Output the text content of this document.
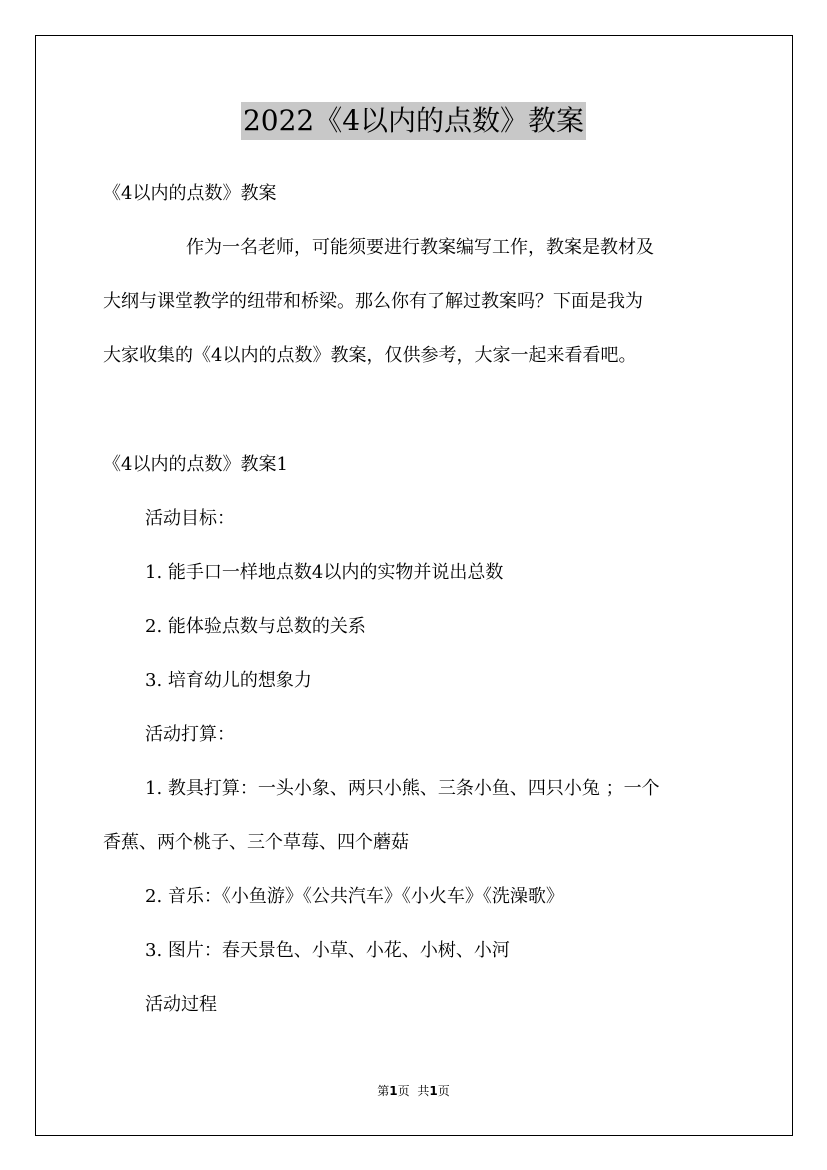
2022《4以内的点数》教案
《4以内的点数》教案
作为一名老师，可能须要进行教案编写工作，教案是教材及
大纲与课堂教学的纽带和桥梁。那么你有了解过教案吗？下面是我为
大家收集的《4以内的点数》教案，仅供参考，大家一起来看看吧。
《4以内的点数》教案1
活动目标：
1. 能手口一样地点数4以内的实物并说出总数
2. 能体验点数与总数的关系
3. 培育幼儿的想象力
活动打算：
1. 教具打算：一头小象、两只小熊、三条小鱼、四只小兔 ；一个
香蕉、两个桃子、三个草莓、四个蘑菇
2. 音乐：《小鱼游》《公共汽车》《小火车》《洗澡歌》
3. 图片：春天景色、小草、小花、小树、小河
活动过程
第1页 共1页
